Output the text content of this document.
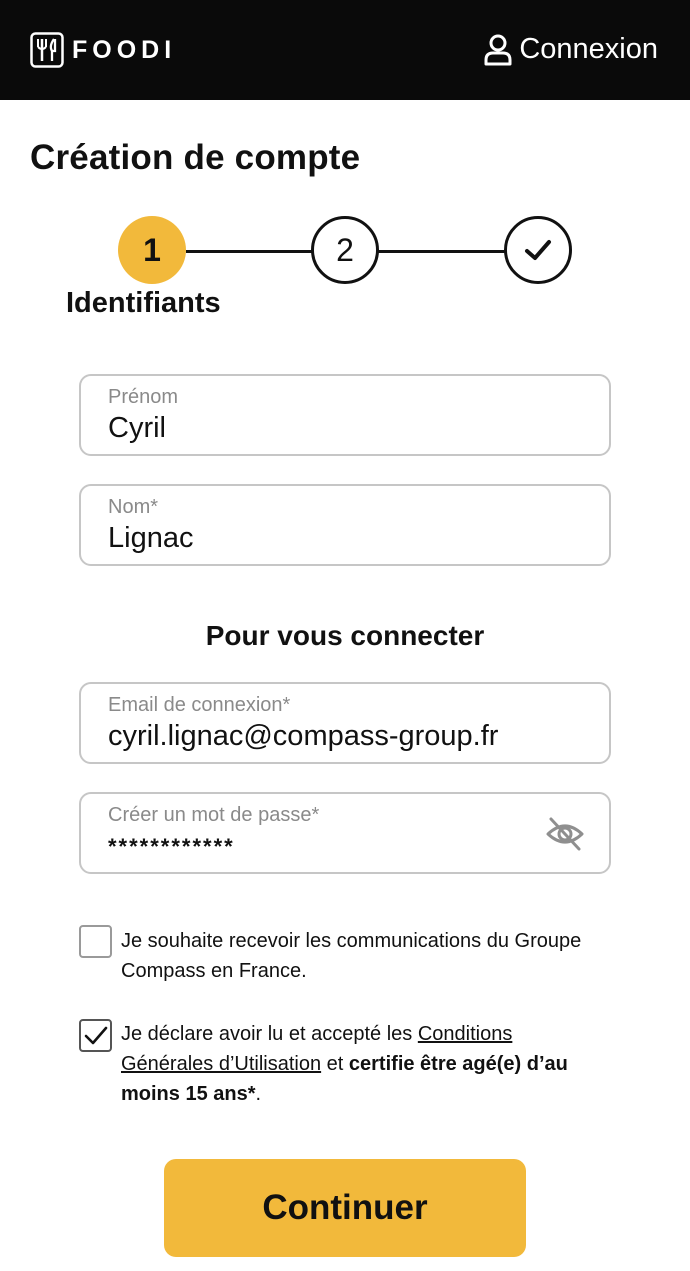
FOODI	Connexion
Création de compte
1	2
Identifiants
Prénom
Cyril
Nom*
Lignac
Pour vous connecter
Email de connexion*
cyril.lignac@compass-group.fr
Créer un mot de passe*
************
Je souhaite recevoir les communications du Groupe Compass en France.
Je déclare avoir lu et accepté les Conditions Générales d’Utilisation et certifie être agé(e) d’au moins 15 ans*.
Continuer
